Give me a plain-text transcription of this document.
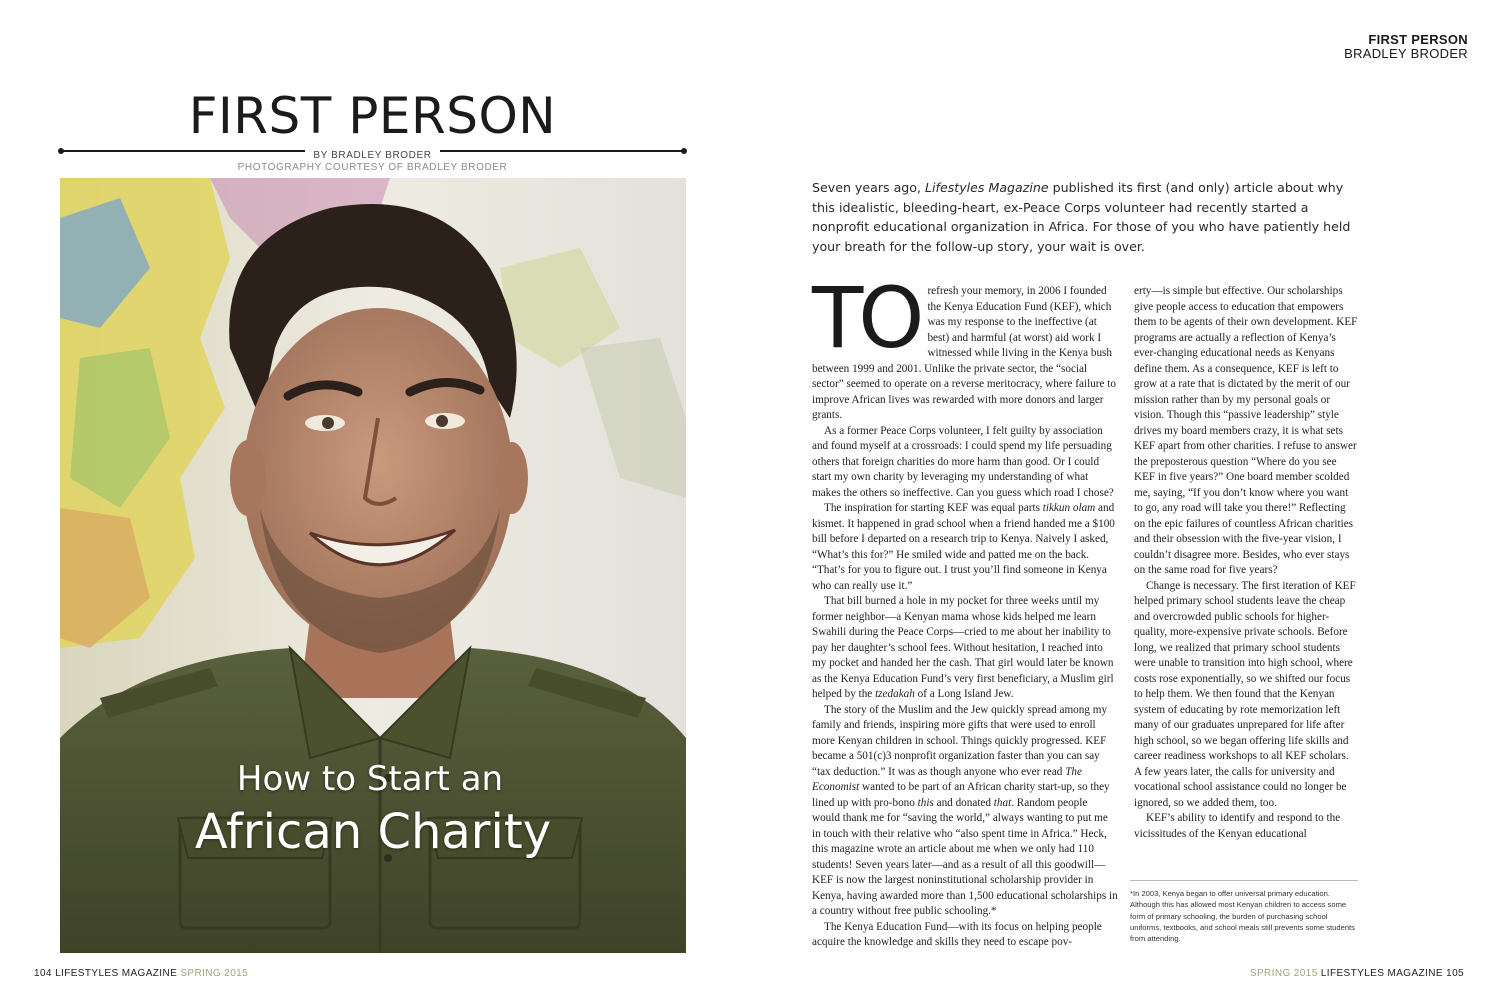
FIRST PERSON
BRADLEY BRODER
FIRST PERSON
BY BRADLEY BRODER
PHOTOGRAPHY COURTESY OF BRADLEY BRODER
How to Start an
African Charity
Seven years ago, Lifestyles Magazine published its first (and only) article about why this idealistic, bleeding-heart, ex-Peace Corps volunteer had recently started a nonprofit educational organization in Africa. For those of you who have patiently held your breath for the follow-up story, your wait is over.
TO refresh your memory, in 2006 I founded the Kenya Education Fund (KEF), which was my response to the ineffective (at best) and harmful (at worst) aid work I witnessed while living in the Kenya bush between 1999 and 2001. Unlike the private sector, the “social sector” seemed to operate on a reverse meritocracy, where failure to improve African lives was rewarded with more donors and larger grants.

As a former Peace Corps volunteer, I felt guilty by association and found myself at a crossroads: I could spend my life persuading others that foreign charities do more harm than good. Or I could start my own charity by leveraging my understanding of what makes the others so ineffective. Can you guess which road I chose?

The inspiration for starting KEF was equal parts tikkun olam and kismet. It happened in grad school when a friend handed me a $100 bill before I departed on a research trip to Kenya. Naively I asked, “What’s this for?” He smiled wide and patted me on the back. “That’s for you to figure out. I trust you’ll find someone in Kenya who can really use it.”

That bill burned a hole in my pocket for three weeks until my former neighbor—a Kenyan mama whose kids helped me learn Swahili during the Peace Corps—cried to me about her inability to pay her daughter’s school fees. Without hesitation, I reached into my pocket and handed her the cash. That girl would later be known as the Kenya Education Fund’s very first beneficiary, a Muslim girl helped by the tzedakah of a Long Island Jew.

The story of the Muslim and the Jew quickly spread among my family and friends, inspiring more gifts that were used to enroll more Kenyan children in school. Things quickly progressed. KEF became a 501(c)3 nonprofit organization faster than you can say “tax deduction.” It was as though anyone who ever read The Economist wanted to be part of an African charity start-up, so they lined up with pro-bono this and donated that. Random people would thank me for “saving the world,” always wanting to put me in touch with their relative who “also spent time in Africa.” Heck, this magazine wrote an article about me when we only had 110 students! Seven years later—and as a result of all this goodwill—KEF is now the largest noninstitutional scholarship provider in Kenya, having awarded more than 1,500 educational scholarships in a country without free public schooling.*

The Kenya Education Fund—with its focus on helping people acquire the knowledge and skills they need to escape pov-

erty—is simple but effective. Our scholarships give people access to education that empowers them to be agents of their own development. KEF programs are actually a reflection of Kenya’s ever-changing educational needs as Kenyans define them. As a consequence, KEF is left to grow at a rate that is dictated by the merit of our mission rather than by my personal goals or vision. Though this “passive leadership” style drives my board members crazy, it is what sets KEF apart from other charities. I refuse to answer the preposterous question “Where do you see KEF in five years?” One board member scolded me, saying, “If you don’t know where you want to go, any road will take you there!” Reflecting on the epic failures of countless African charities and their obsession with the five-year vision, I couldn’t disagree more. Besides, who ever stays on the same road for five years?

Change is necessary. The first iteration of KEF helped primary school students leave the cheap and overcrowded public schools for higher-quality, more-expensive private schools. Before long, we realized that primary school students were unable to transition into high school, where costs rose exponentially, so we shifted our focus to help them. We then found that the Kenyan system of educating by rote memorization left many of our graduates unprepared for life after high school, so we began offering life skills and career readiness workshops to all KEF scholars. A few years later, the calls for university and vocational school assistance could no longer be ignored, so we added them, too.

KEF’s ability to identify and respond to the vicissitudes of the Kenyan educational

*In 2003, Kenya began to offer universal primary education. Although this has allowed most Kenyan children to access some form of primary schooling, the burden of purchasing school uniforms, textbooks, and school meals still prevents some students from attending.
104 LIFESTYLES MAGAZINE SPRING 2015	SPRING 2015 LIFESTYLES MAGAZINE 105
